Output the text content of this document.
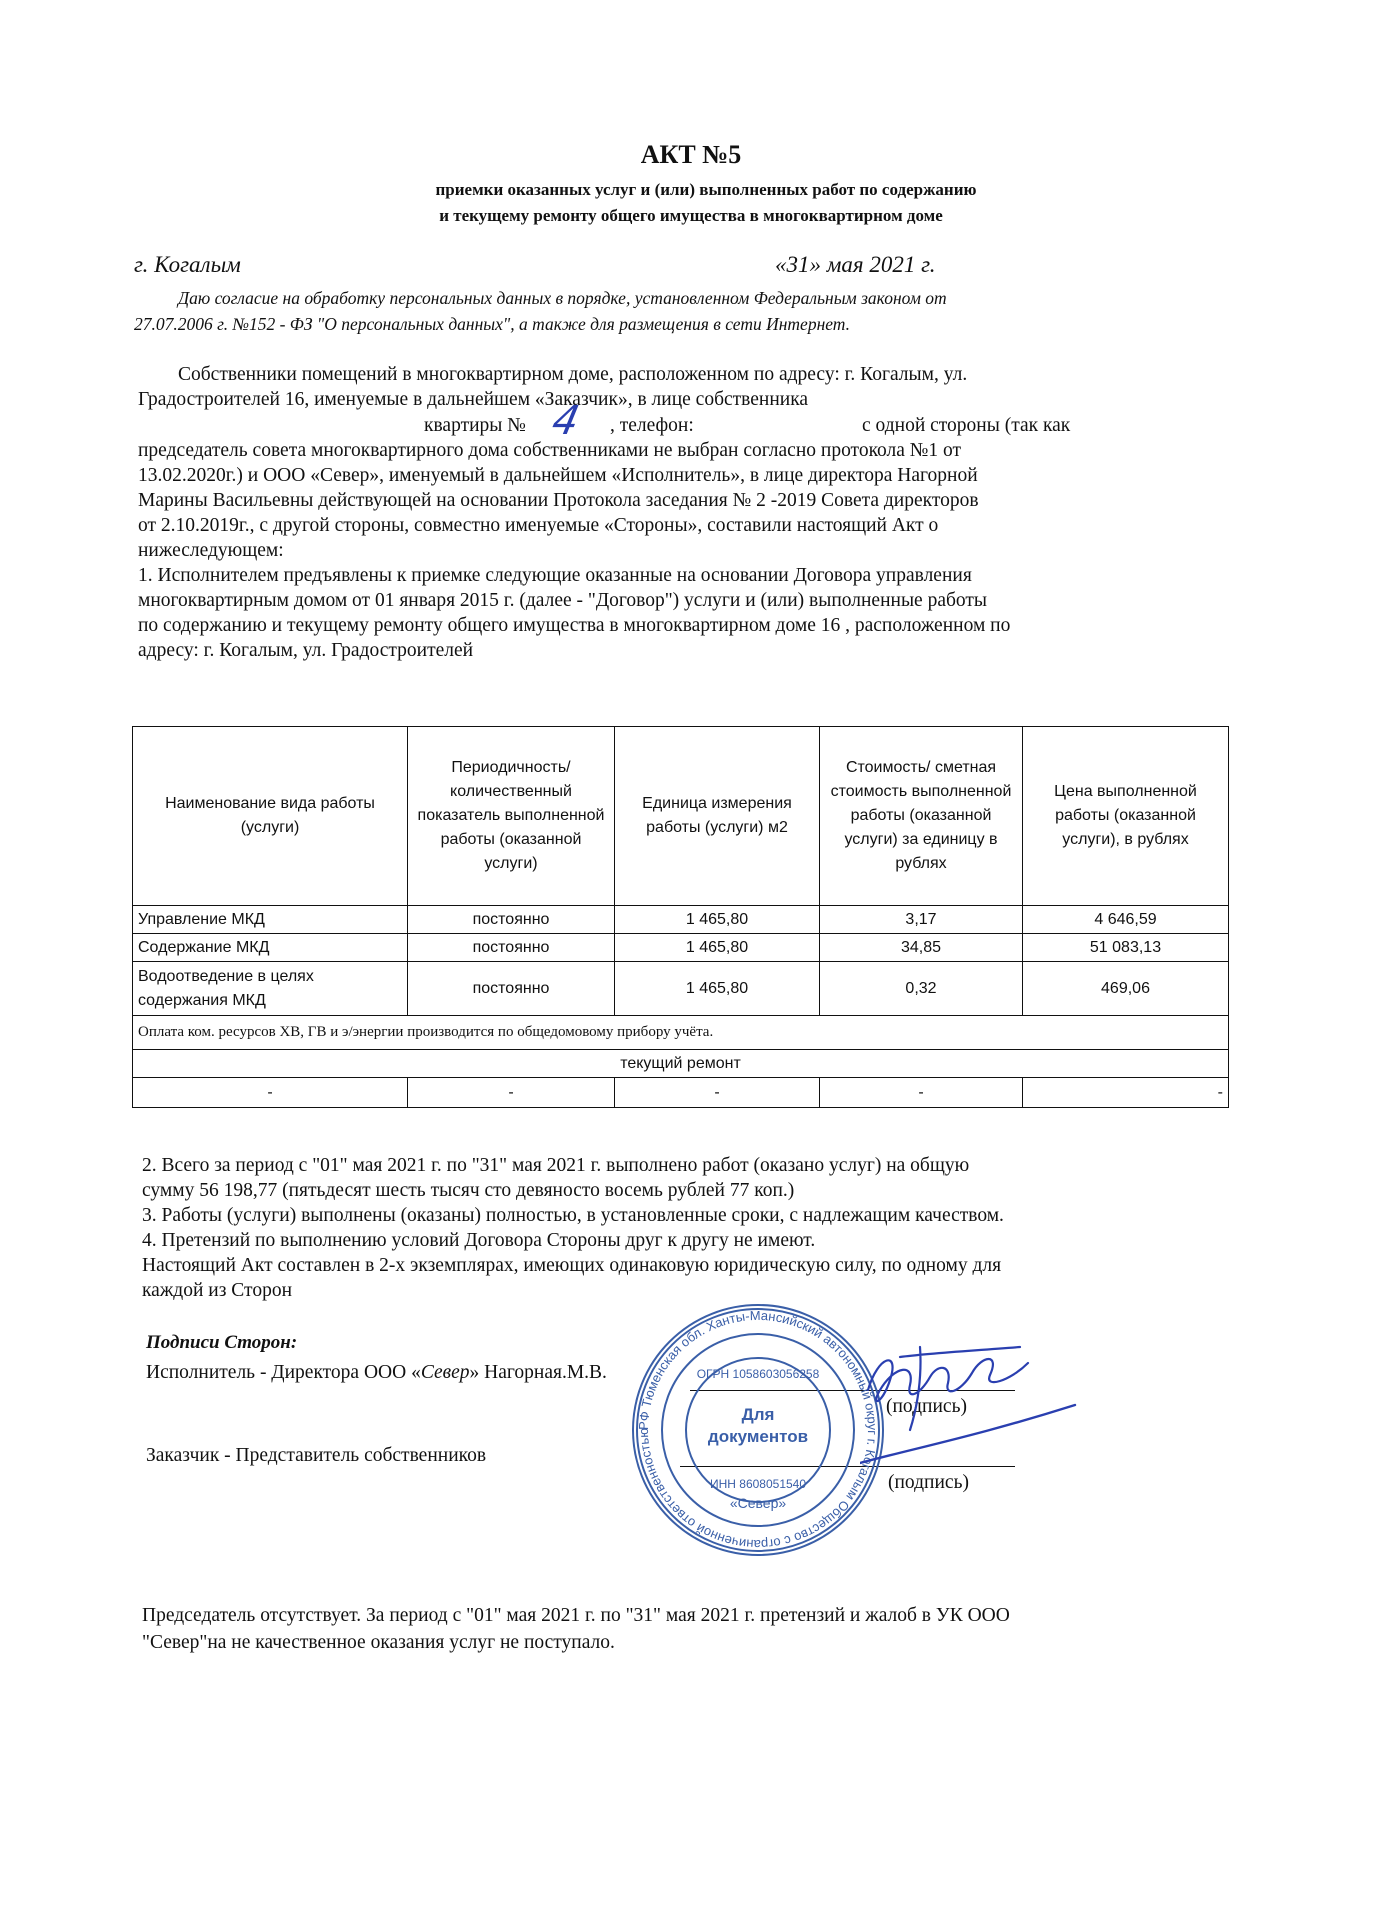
АКТ №5
приемки оказанных услуг и (или) выполненных работ по содержанию
и текущему ремонту общего имущества в многоквартирном доме
г. Когалым	«31» мая 2021 г.
Даю согласие на обработку персональных данных в порядке, установленном Федеральным законом от
27.07.2006 г. №152 - ФЗ "О персональных данных", а также для размещения в сети Интернет.
Собственники помещений в многоквартирном доме, расположенном по адресу: г. Когалым, ул.
Градостроителей 16, именуемые в дальнейшем «Заказчик», в лице собственника
квартиры № 4 , телефон:	с одной стороны (так как
председатель совета многоквартирного дома собственниками не выбран согласно протокола №1 от
13.02.2020г.) и ООО «Север», именуемый в дальнейшем «Исполнитель», в лице директора Нагорной
Марины Васильевны действующей на основании Протокола заседания № 2 -2019 Совета директоров
от 2.10.2019г., с другой стороны, совместно именуемые «Стороны», составили настоящий Акт о
нижеследующем:
1. Исполнителем предъявлены к приемке следующие оказанные на основании Договора управления
многоквартирным домом от 01 января 2015 г. (далее - "Договор") услуги и (или) выполненные работы
по содержанию и текущему ремонту общего имущества в многоквартирном доме 16 , расположенном по
адресу: г. Когалым, ул. Градостроителей
Наименование вида работы (услуги)	Периодичность/ количественный показатель выполненной работы (оказанной услуги)	Единица измерения работы (услуги) м2	Стоимость/ сметная стоимость выполненной работы (оказанной услуги) за единицу в рублях	Цена выполненной работы (оказанной услуги), в рублях
Управление МКД	постоянно	1 465,80	3,17	4 646,59
Содержание МКД	постоянно	1 465,80	34,85	51 083,13
Водоотведение в целях содержания МКД	постоянно	1 465,80	0,32	469,06
Оплата ком. ресурсов ХВ, ГВ и э/энергии производится по общедомовому прибору учёта.				
текущий ремонт				
-	-	-	-	-
2. Всего за период с "01" мая 2021 г. по "31" мая 2021 г. выполнено работ (оказано услуг) на общую
сумму 56 198,77 (пятьдесят шесть тысяч сто девяносто восемь рублей 77 коп.)
3. Работы (услуги) выполнены (оказаны) полностью, в установленные сроки, с надлежащим качеством.
4. Претензий по выполнению условий Договора Стороны друг к другу не имеют.
Настоящий Акт составлен в 2-х экземплярах, имеющих одинаковую юридическую силу, по одному для
каждой из Сторон
Подписи Сторон:
Исполнитель - Директора ООО «Север» Нагорная.М.В.
(подпись)
Заказчик - Представитель собственников
(подпись)
РФ Тюменская обл. Ханты-Мансийский автономный округ г. Когалым Общество с ограниченной ответственностью
ОГРН 1058603056258
Для
документов
ИНН 8608051540
«Север»
Председатель отсутствует. За период с "01" мая 2021 г. по "31" мая 2021 г. претензий и жалоб в УК ООО
"Север"на не качественное оказания услуг не поступало.
